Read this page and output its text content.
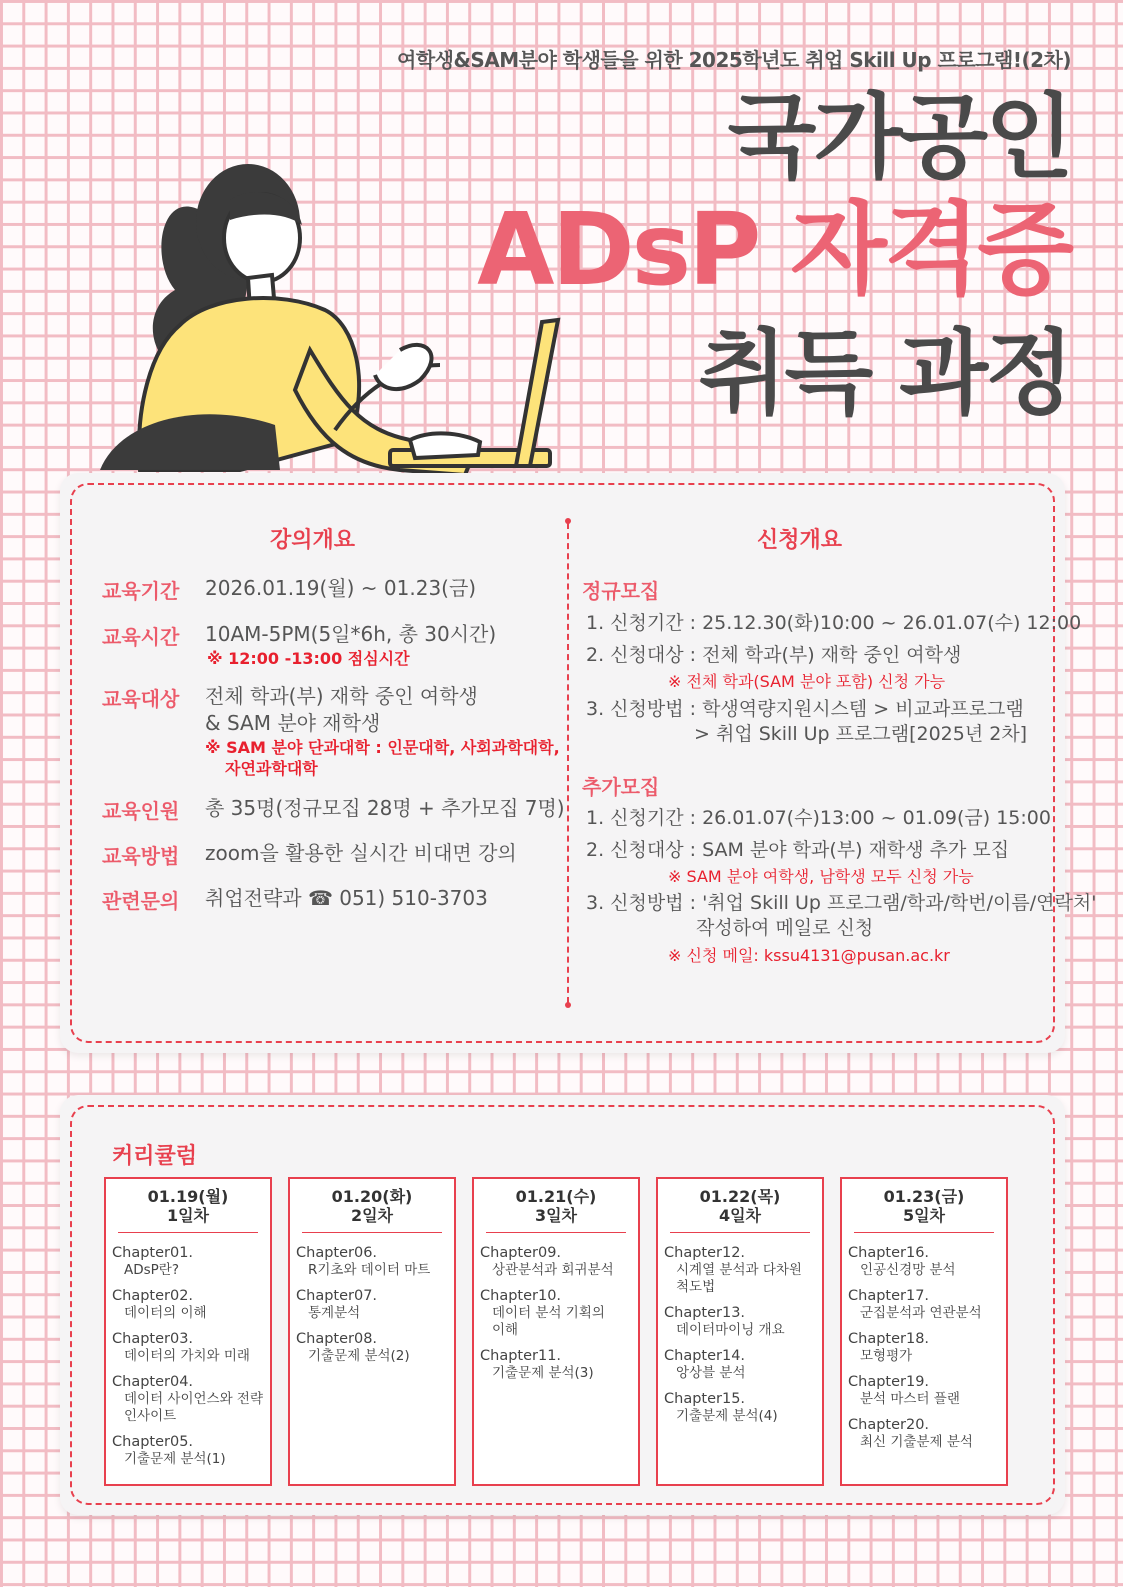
여학생&SAM분야 학생들을 위한 2025학년도 취업 Skill Up 프로그램!(2차)
국가공인
ADsP 자격증
취득 과정
강의개요	신청개요
교육기간 2026.01.19(월) ~ 01.23(금)
교육시간 10AM-5PM(5일*6h, 총 30시간)
※ 12:00 -13:00 점심시간
교육대상 전체 학과(부) 재학 중인 여학생
& SAM 분야 재학생
※ SAM 분야 단과대학 : 인문대학, 사회과학대학,
자연과학대학
교육인원 총 35명(정규모집 28명 + 추가모집 7명)
교육방법 zoom을 활용한 실시간 비대면 강의
관련문의 취업전략과 ☎ 051) 510-3703
정규모집
1. 신청기간 : 25.12.30(화)10:00 ~ 26.01.07(수) 12:00
2. 신청대상 : 전체 학과(부) 재학 중인 여학생
※ 전체 학과(SAM 분야 포함) 신청 가능
3. 신청방법 : 학생역량지원시스템 > 비교과프로그램
> 취업 Skill Up 프로그램[2025년 2차]
추가모집
1. 신청기간 : 26.01.07(수)13:00 ~ 01.09(금) 15:00
2. 신청대상 : SAM 분야 학과(부) 재학생 추가 모집
※ SAM 분야 여학생, 남학생 모두 신청 가능
3. 신청방법 : '취업 Skill Up 프로그램/학과/학번/이름/연락처'
작성하여 메일로 신청
※ 신청 메일: kssu4131@pusan.ac.kr
커리큘럼
01.19(월)
1일차
Chapter01.
ADsP란?
Chapter02.
데이터의 이해
Chapter03.
데이터의 가치와 미래
Chapter04.
데이터 사이언스와 전략
인사이트
Chapter05.
기출문제 분석(1)
01.20(화)
2일차
Chapter06.
R기초와 데이터 마트
Chapter07.
통계분석
Chapter08.
기출문제 분석(2)
01.21(수)
3일차
Chapter09.
상관분석과 회귀분석
Chapter10.
데이터 분석 기획의
이해
Chapter11.
기출문제 분석(3)
01.22(목)
4일차
Chapter12.
시계열 분석과 다차원
척도법
Chapter13.
데이터마이닝 개요
Chapter14.
앙상블 분석
Chapter15.
기출분제 분석(4)
01.23(금)
5일차
Chapter16.
인공신경망 분석
Chapter17.
군집분석과 연관분석
Chapter18.
모형평가
Chapter19.
분석 마스터 플랜
Chapter20.
최신 기출분제 분석
